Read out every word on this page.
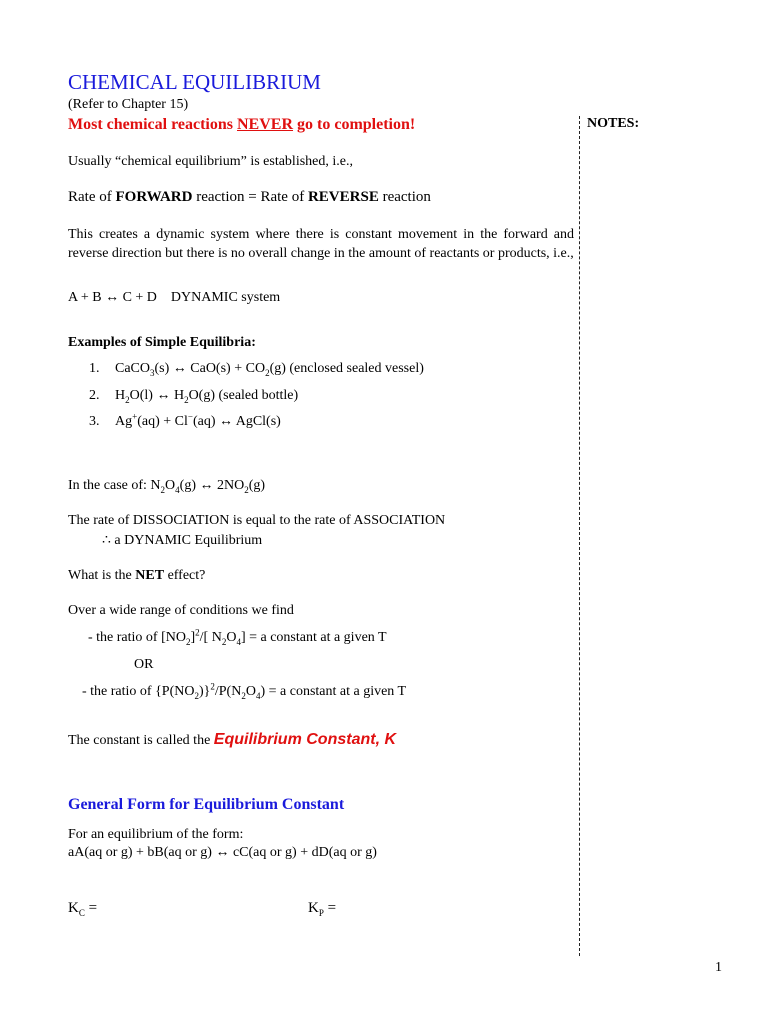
CHEMICAL EQUILIBRIUM
(Refer to Chapter 15)
Most chemical reactions NEVER go to completion!	NOTES:
Usually “chemical equilibrium” is established, i.e.,
Rate of FORWARD reaction = Rate of REVERSE reaction
This creates a dynamic system where there is constant movement in the forward and reverse direction but there is no overall change in the amount of reactants or products, i.e.,
A + B ↔ C + D    DYNAMIC system
Examples of Simple Equilibria:
1. CaCO$_3$(s) ↔ $CaO(s) + CO_2(g)$ (enclosed sealed vessel)
2. $H_2O(l)$ ↔ $H_2O(g)$ (sealed bottle)
3. Ag+(aq) + Cl−(aq) ↔ AgCl(s)
In the case of: $N_2O_4(g)$ ↔ $2NO_2(g)$
The rate of DISSOCIATION is equal to the rate of ASSOCIATION
∴ a DYNAMIC Equilibrium
What is the NET effect?
Over a wide range of conditions we find
- the ratio of $[NO_2]^2/$[ $N_2O_4] = a$ constant at a given T
OR
- the ratio of $\{P(NO_2)\}^2/P(N_2O_4) = a$ constant at a given T
The constant is called the Equilibrium Constant, K
General Form for Equilibrium Constant
For an equilibrium of the form:
aA(aq or g) + bB(aq or g) ↔ cC(aq or g) + dD(aq or g)
$K_C$ =	$K_P$ =
1
